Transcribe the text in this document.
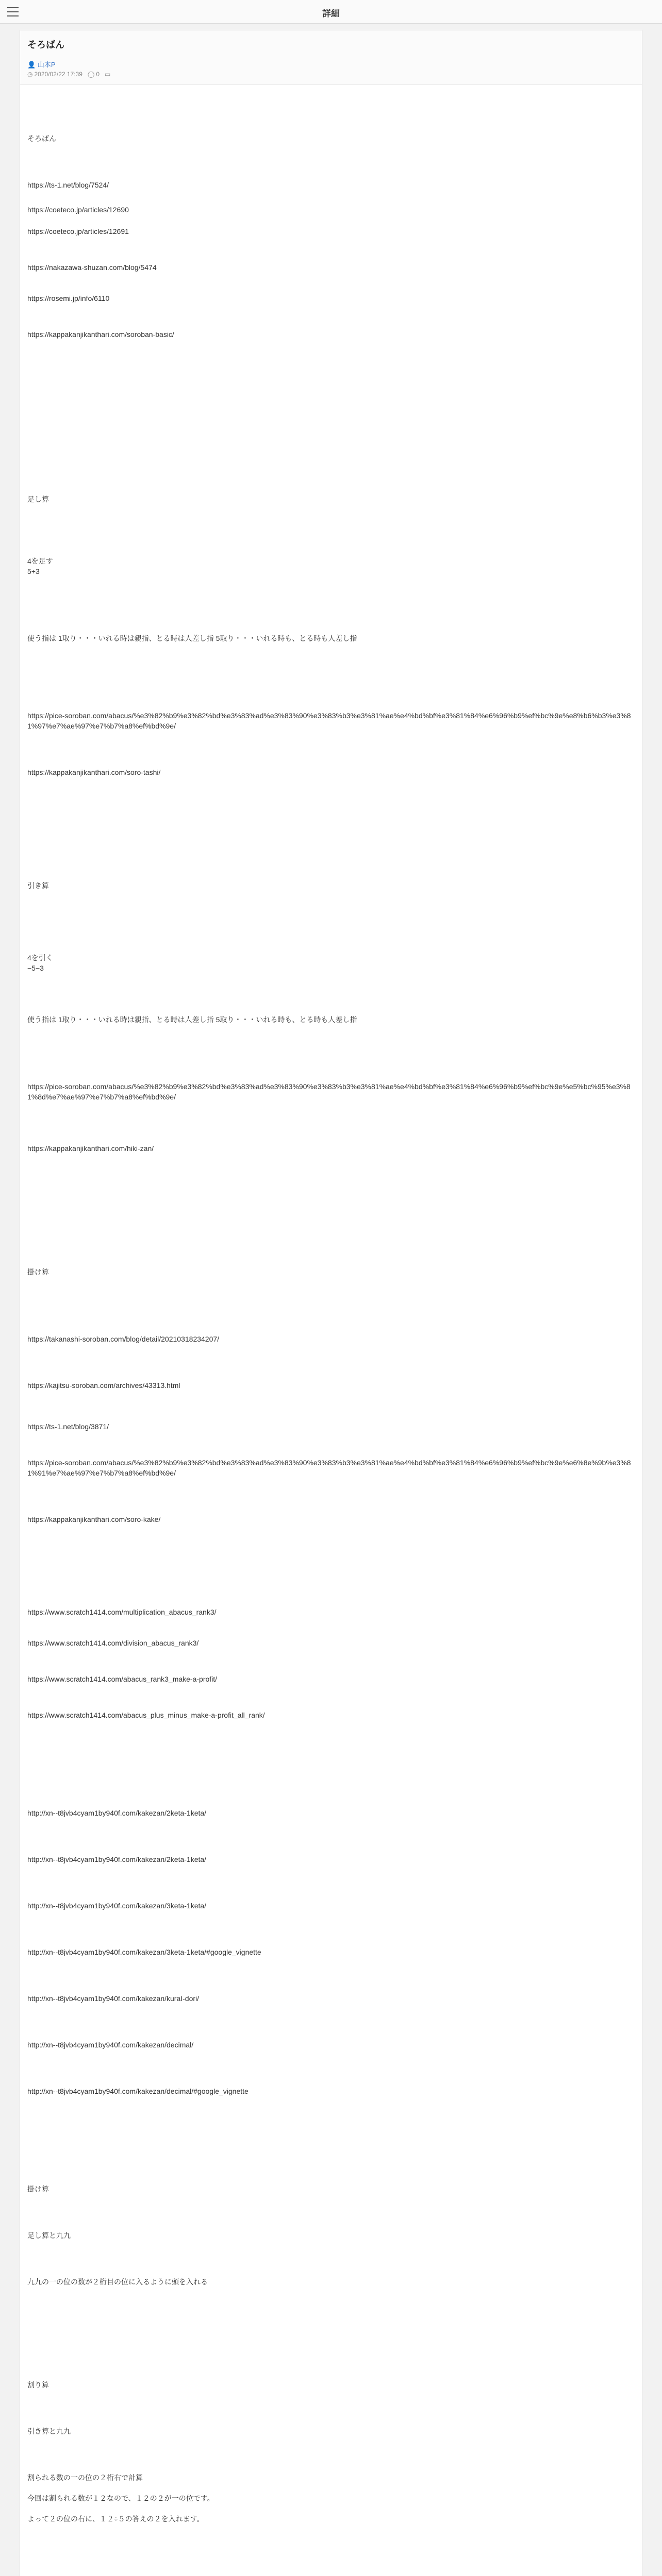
詳細
そろばん
👤 山本P
◷ 2020/02/22 17:39 ◯ 0 ▭
そろばん
https://ts-1.net/blog/7524/
https://coeteco.jp/articles/12690
https://coeteco.jp/articles/12691
https://nakazawa-shuzan.com/blog/5474
https://rosemi.jp/info/6110
https://kappakanjikanthari.com/soroban-basic/
足し算
4を足す
5+3
使う指は 1取り・・・いれる時は親指、とる時は人差し指 5取り・・・いれる時も、とる時も人差し指
https://pice-soroban.com/abacus/%e3%82%b9%e3%82%bd%e3%83%ad%e3%83%90%e3%83%b3%e3%81%ae%e4%bd%bf%e3%81%84%e6%96%b9%ef%bc%9e%e8%b6%b3%e3%81%97%e7%ae%97%e7%b7%a8%ef%bd%9e/
https://kappakanjikanthari.com/soro-tashi/
引き算
4を引く
−5−3
使う指は 1取り・・・いれる時は親指、とる時は人差し指 5取り・・・いれる時も、とる時も人差し指
https://pice-soroban.com/abacus/%e3%82%b9%e3%82%bd%e3%83%ad%e3%83%90%e3%83%b3%e3%81%ae%e4%bd%bf%e3%81%84%e6%96%b9%ef%bc%9e%e5%bc%95%e3%81%8d%e7%ae%97%e7%b7%a8%ef%bd%9e/
https://kappakanjikanthari.com/hiki-zan/
掛け算
https://takanashi-soroban.com/blog/detail/20210318234207/
https://kajitsu-soroban.com/archives/43313.html
https://ts-1.net/blog/3871/
https://pice-soroban.com/abacus/%e3%82%b9%e3%82%bd%e3%83%ad%e3%83%90%e3%83%b3%e3%81%ae%e4%bd%bf%e3%81%84%e6%96%b9%ef%bc%9e%e6%8e%9b%e3%81%91%e7%ae%97%e7%b7%a8%ef%bd%9e/
https://kappakanjikanthari.com/soro-kake/
https://www.scratch1414.com/multiplication_abacus_rank3/
https://www.scratch1414.com/division_abacus_rank3/
https://www.scratch1414.com/abacus_rank3_make-a-profit/
https://www.scratch1414.com/abacus_plus_minus_make-a-profit_all_rank/
http://xn--t8jvb4cyam1by940f.com/kakezan/2keta-1keta/
http://xn--t8jvb4cyam1by940f.com/kakezan/2keta-1keta/
http://xn--t8jvb4cyam1by940f.com/kakezan/3keta-1keta/
http://xn--t8jvb4cyam1by940f.com/kakezan/3keta-1keta/#google_vignette
http://xn--t8jvb4cyam1by940f.com/kakezan/kuraI-dori/
http://xn--t8jvb4cyam1by940f.com/kakezan/decimal/
http://xn--t8jvb4cyam1by940f.com/kakezan/decimal/#google_vignette
掛け算
足し算と九九
九九の一の位の数が２桁目の位に入るように頭を入れる
割り算
引き算と九九
割られる数の一の位の２桁右で計算
今回は割られる数が１２なので、１２の２が一の位です。
よって２の位の右に、１２÷５の答えの２を入れます。
